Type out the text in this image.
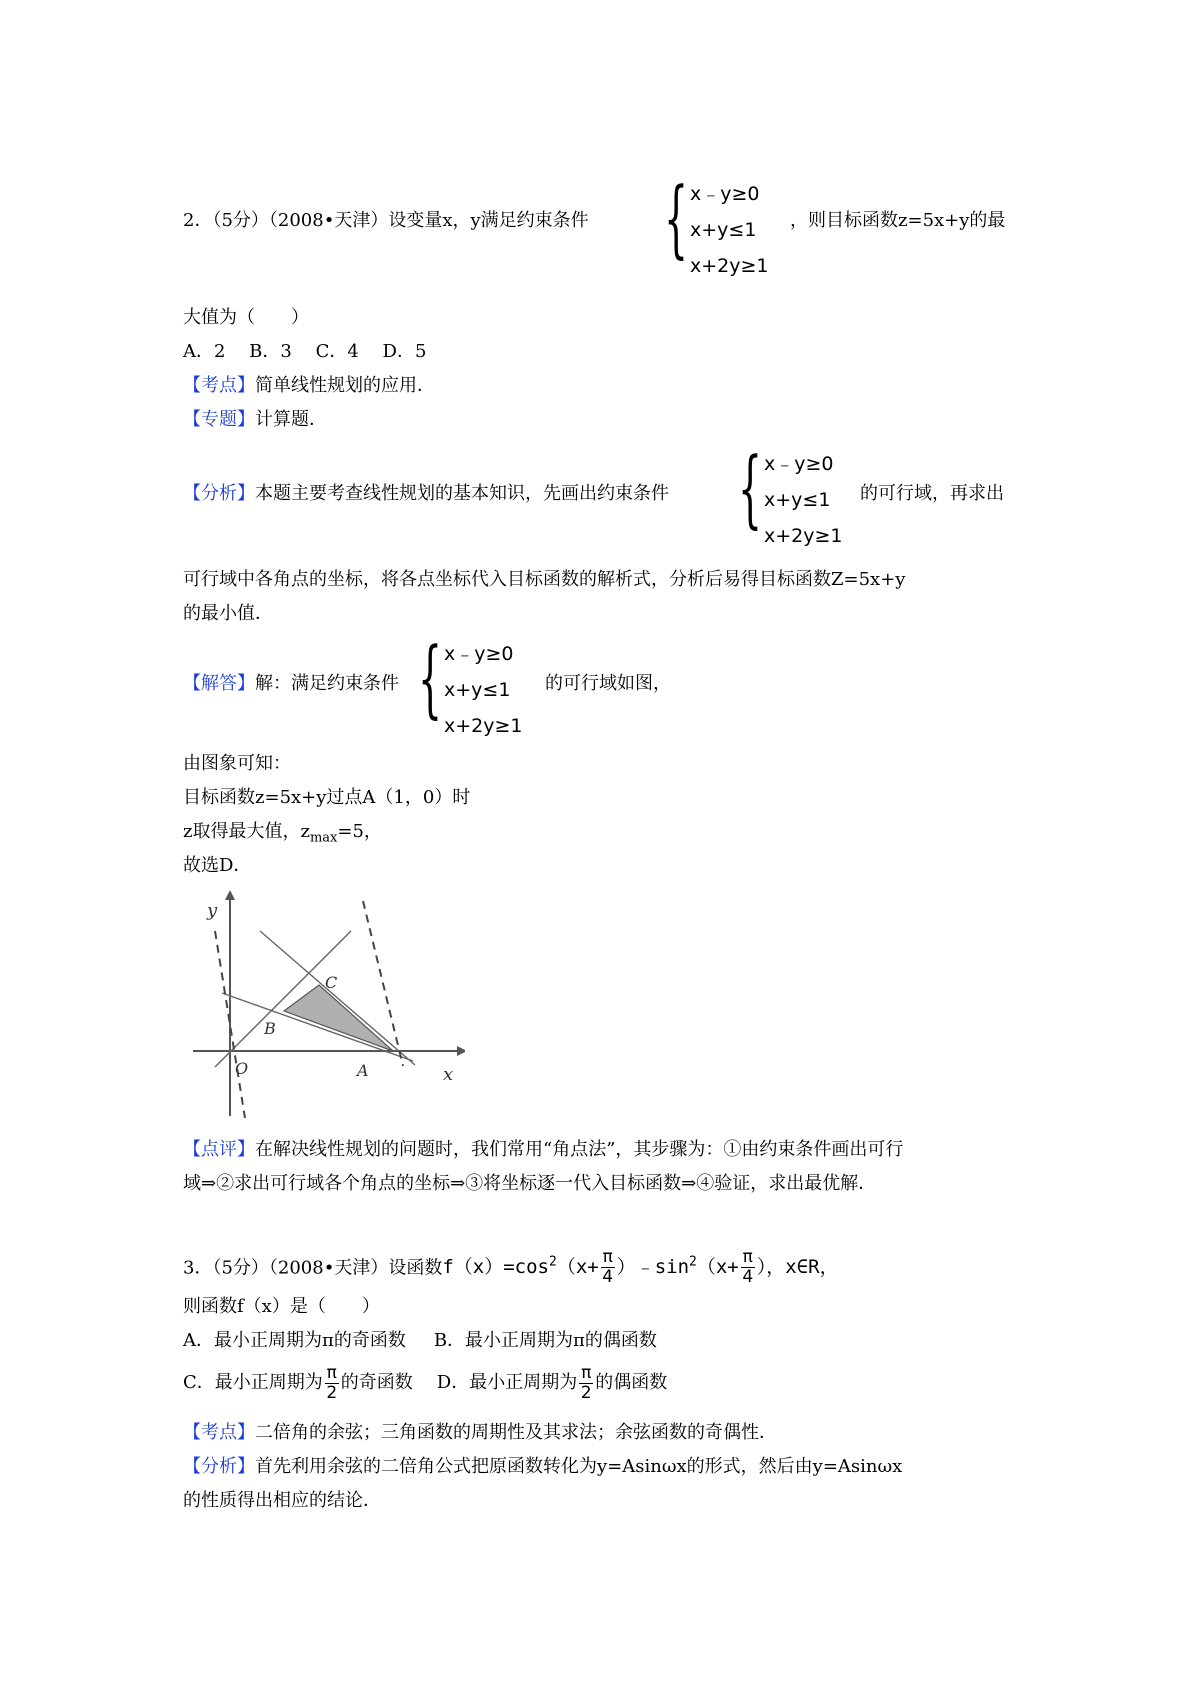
2．（5分）（2008•天津）设变量x，y满足约束条件 { x﹣y≥0
x+y≤1
x+2y≥1
，则目标函数z=5x+y的最
大值为（　　）
A．2　 B．3　 C．4　 D．5
【考点】简单线性规划的应用．
【专题】计算题．
【分析】本题主要考查线性规划的基本知识，先画出约束条件 { x﹣y≥0
x+y≤1
x+2y≥1
的可行域，再求出
可行域中各角点的坐标，将各点坐标代入目标函数的解析式，分析后易得目标函数Z=5x+y
的最小值．
【解答】解：满足约束条件 { x﹣y≥0
x+y≤1
x+2y≥1
的可行域如图，
由图象可知：
目标函数z=5x+y过点A（1，0）时
z取得最大值，$z_{max}=5$，
故选D．
y
x
O	A
B
C
【点评】在解决线性规划的问题时，我们常用“角点法”，其步骤为：①由约束条件画出可行
域⇒②求出可行域各个角点的坐标⇒③将坐标逐一代入目标函数⇒④验证，求出最优解．
3．（5分）（2008•天津）设函数$f(x)=\cos^2(x+ \frac{\pi}{4}$ ）$﹣\sin^2(x+ \frac{\pi}{4}$ ），x∈R，
则函数f（x）是（　　）
A．最小正周期为π的奇函数 B．最小正周期为π的偶函数
C．最小正周期为 $\frac{\pi}{2}$ 的奇函数 D．最小正周期为 $\frac{\pi}{2}$ 的偶函数
【考点】二倍角的余弦；三角函数的周期性及其求法；余弦函数的奇偶性．
【分析】首先利用余弦的二倍角公式把原函数转化为y=Asinωx的形式，然后由y=Asinωx
的性质得出相应的结论．
